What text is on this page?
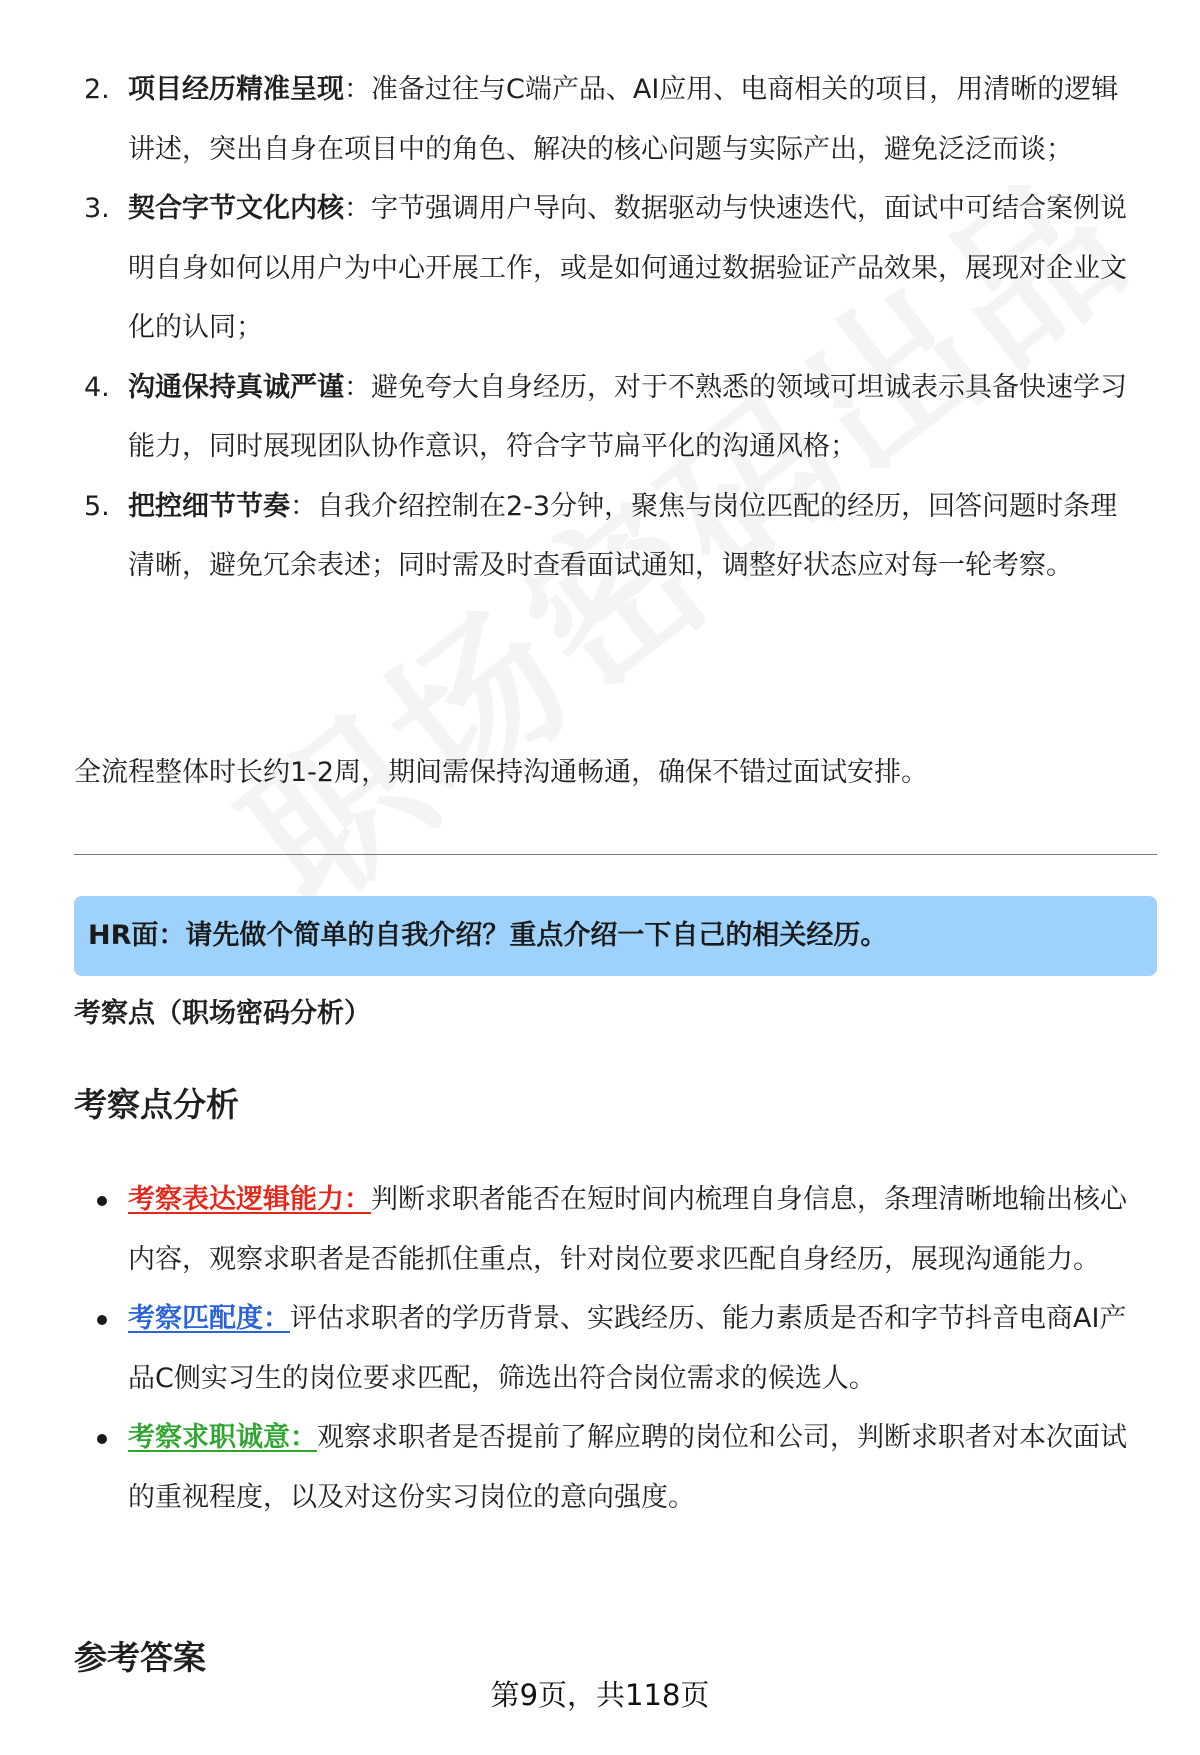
2. 项目经历精准呈现：准备过往与C端产品、AI应用、电商相关的项目，用清晰的逻辑讲述，突出自身在项目中的角色、解决的核心问题与实际产出，避免泛泛而谈；
3. 契合字节文化内核：字节强调用户导向、数据驱动与快速迭代，面试中可结合案例说明自身如何以用户为中心开展工作，或是如何通过数据验证产品效果，展现对企业文化的认同；
4. 沟通保持真诚严谨：避免夸大自身经历，对于不熟悉的领域可坦诚表示具备快速学习能力，同时展现团队协作意识，符合字节扁平化的沟通风格；
5. 把控细节节奏：自我介绍控制在2-3分钟，聚焦与岗位匹配的经历，回答问题时条理清晰，避免冗余表述；同时需及时查看面试通知，调整好状态应对每一轮考察。
全流程整体时长约1-2周，期间需保持沟通畅通，确保不错过面试安排。
HR面：请先做个简单的自我介绍？重点介绍一下自己的相关经历。
考察点（职场密码分析）
考察点分析
考察表达逻辑能力：判断求职者能否在短时间内梳理自身信息，条理清晰地输出核心内容，观察求职者是否能抓住重点，针对岗位要求匹配自身经历，展现沟通能力。
考察匹配度：评估求职者的学历背景、实践经历、能力素质是否和字节抖音电商AI产品C侧实习生的岗位要求匹配，筛选出符合岗位需求的候选人。
考察求职诚意：观察求职者是否提前了解应聘的岗位和公司，判断求职者对本次面试的重视程度，以及对这份实习岗位的意向强度。
参考答案
第9页，共118页
